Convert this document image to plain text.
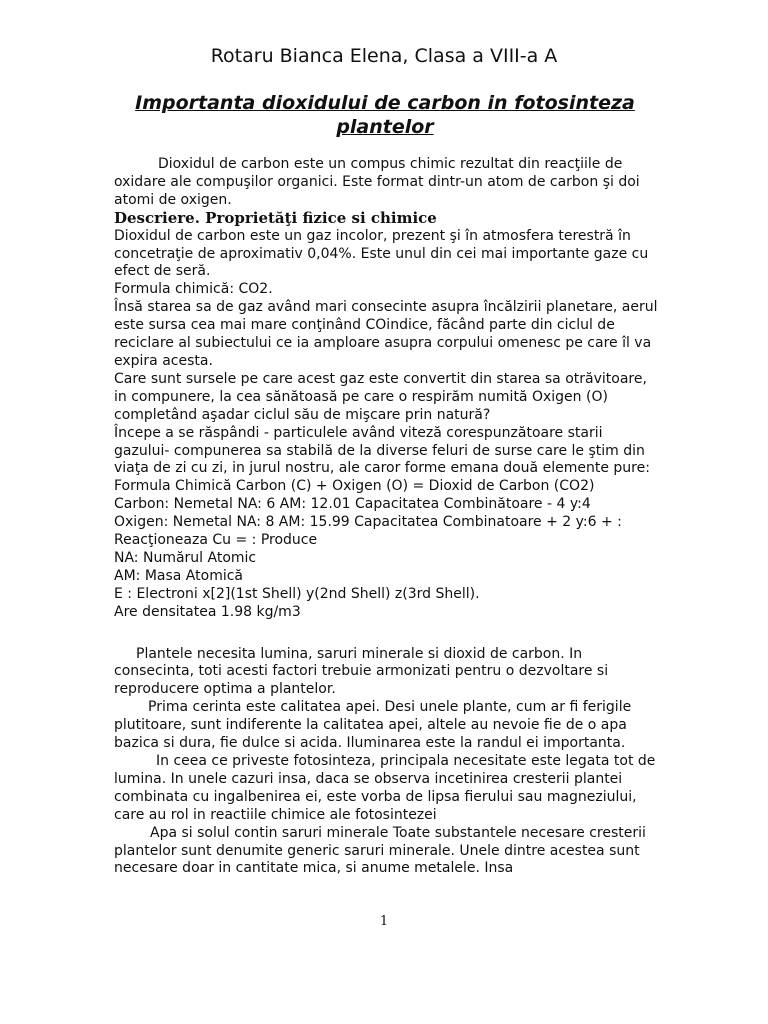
Rotaru Bianca Elena, Clasa a VIII-a A
Importanta dioxidului de carbon in fotosinteza plantelor

Dioxidul de carbon este un compus chimic rezultat din reacţiile de oxidare ale compuşilor organici. Este format dintr-un atom de carbon şi doi atomi de oxigen.

Descriere. Proprietăţi fizice si chimice

Dioxidul de carbon este un gaz incolor, prezent şi în atmosfera terestră în concetraţie de aproximativ 0,04%. Este unul din cei mai importante gaze cu efect de seră.

Formula chimică: CO2.

Însă starea sa de gaz având mari consecinte asupra încălzirii planetare, aerul este sursa cea mai mare conţinând COindice, făcând parte din ciclul de reciclare al subiectului ce ia amploare asupra corpului omenesc pe care îl va expira acesta.

Care sunt sursele pe care acest gaz este convertit din starea sa otrăvitoare, in compunere, la cea sănătoasă pe care o respirăm numită Oxigen (O) completând aşadar ciclul său de mişcare prin natură?

Începe a se răspândi - particulele având viteză corespunzătoare starii gazului- compunerea sa stabilă de la diverse feluri de surse care le ştim din viaţa de zi cu zi, in jurul nostru, ale caror forme emana două elemente pure:

Formula Chimică Carbon (C) + Oxigen (O) = Dioxid de Carbon (CO2)

Carbon: Nemetal NA: 6 AM: 12.01 Capacitatea Combinătoare - 4 y:4

Oxigen: Nemetal NA: 8 AM: 15.99 Capacitatea Combinatoare + 2 y:6 + : Reacţioneaza Cu = : Produce

NA: Numărul Atomic

AM: Masa Atomică

E : Electroni x[2](1st Shell) y(2nd Shell) z(3rd Shell).

Are densitatea 1.98 kg/m3

Plantele necesita lumina, saruri minerale si dioxid de carbon. In consecinta, toti acesti factori trebuie armonizati pentru o dezvoltare si reproducere optima a plantelor.

Prima cerinta este calitatea apei. Desi unele plante, cum ar fi ferigile plutitoare, sunt indiferente la calitatea apei, altele au nevoie fie de o apa bazica si dura, fie dulce si acida. Iluminarea este la randul ei importanta.

In ceea ce priveste fotosinteza, principala necesitate este legata tot de lumina. In unele cazuri insa, daca se observa incetinirea cresterii plantei combinata cu ingalbenirea ei, este vorba de lipsa fierului sau magneziului, care au rol in reactiile chimice ale fotosintezei

Apa si solul contin saruri minerale Toate substantele necesare cresterii plantelor sunt denumite generic saruri minerale. Unele dintre acestea sunt necesare doar in cantitate mica, si anume metalele. Insa

1
